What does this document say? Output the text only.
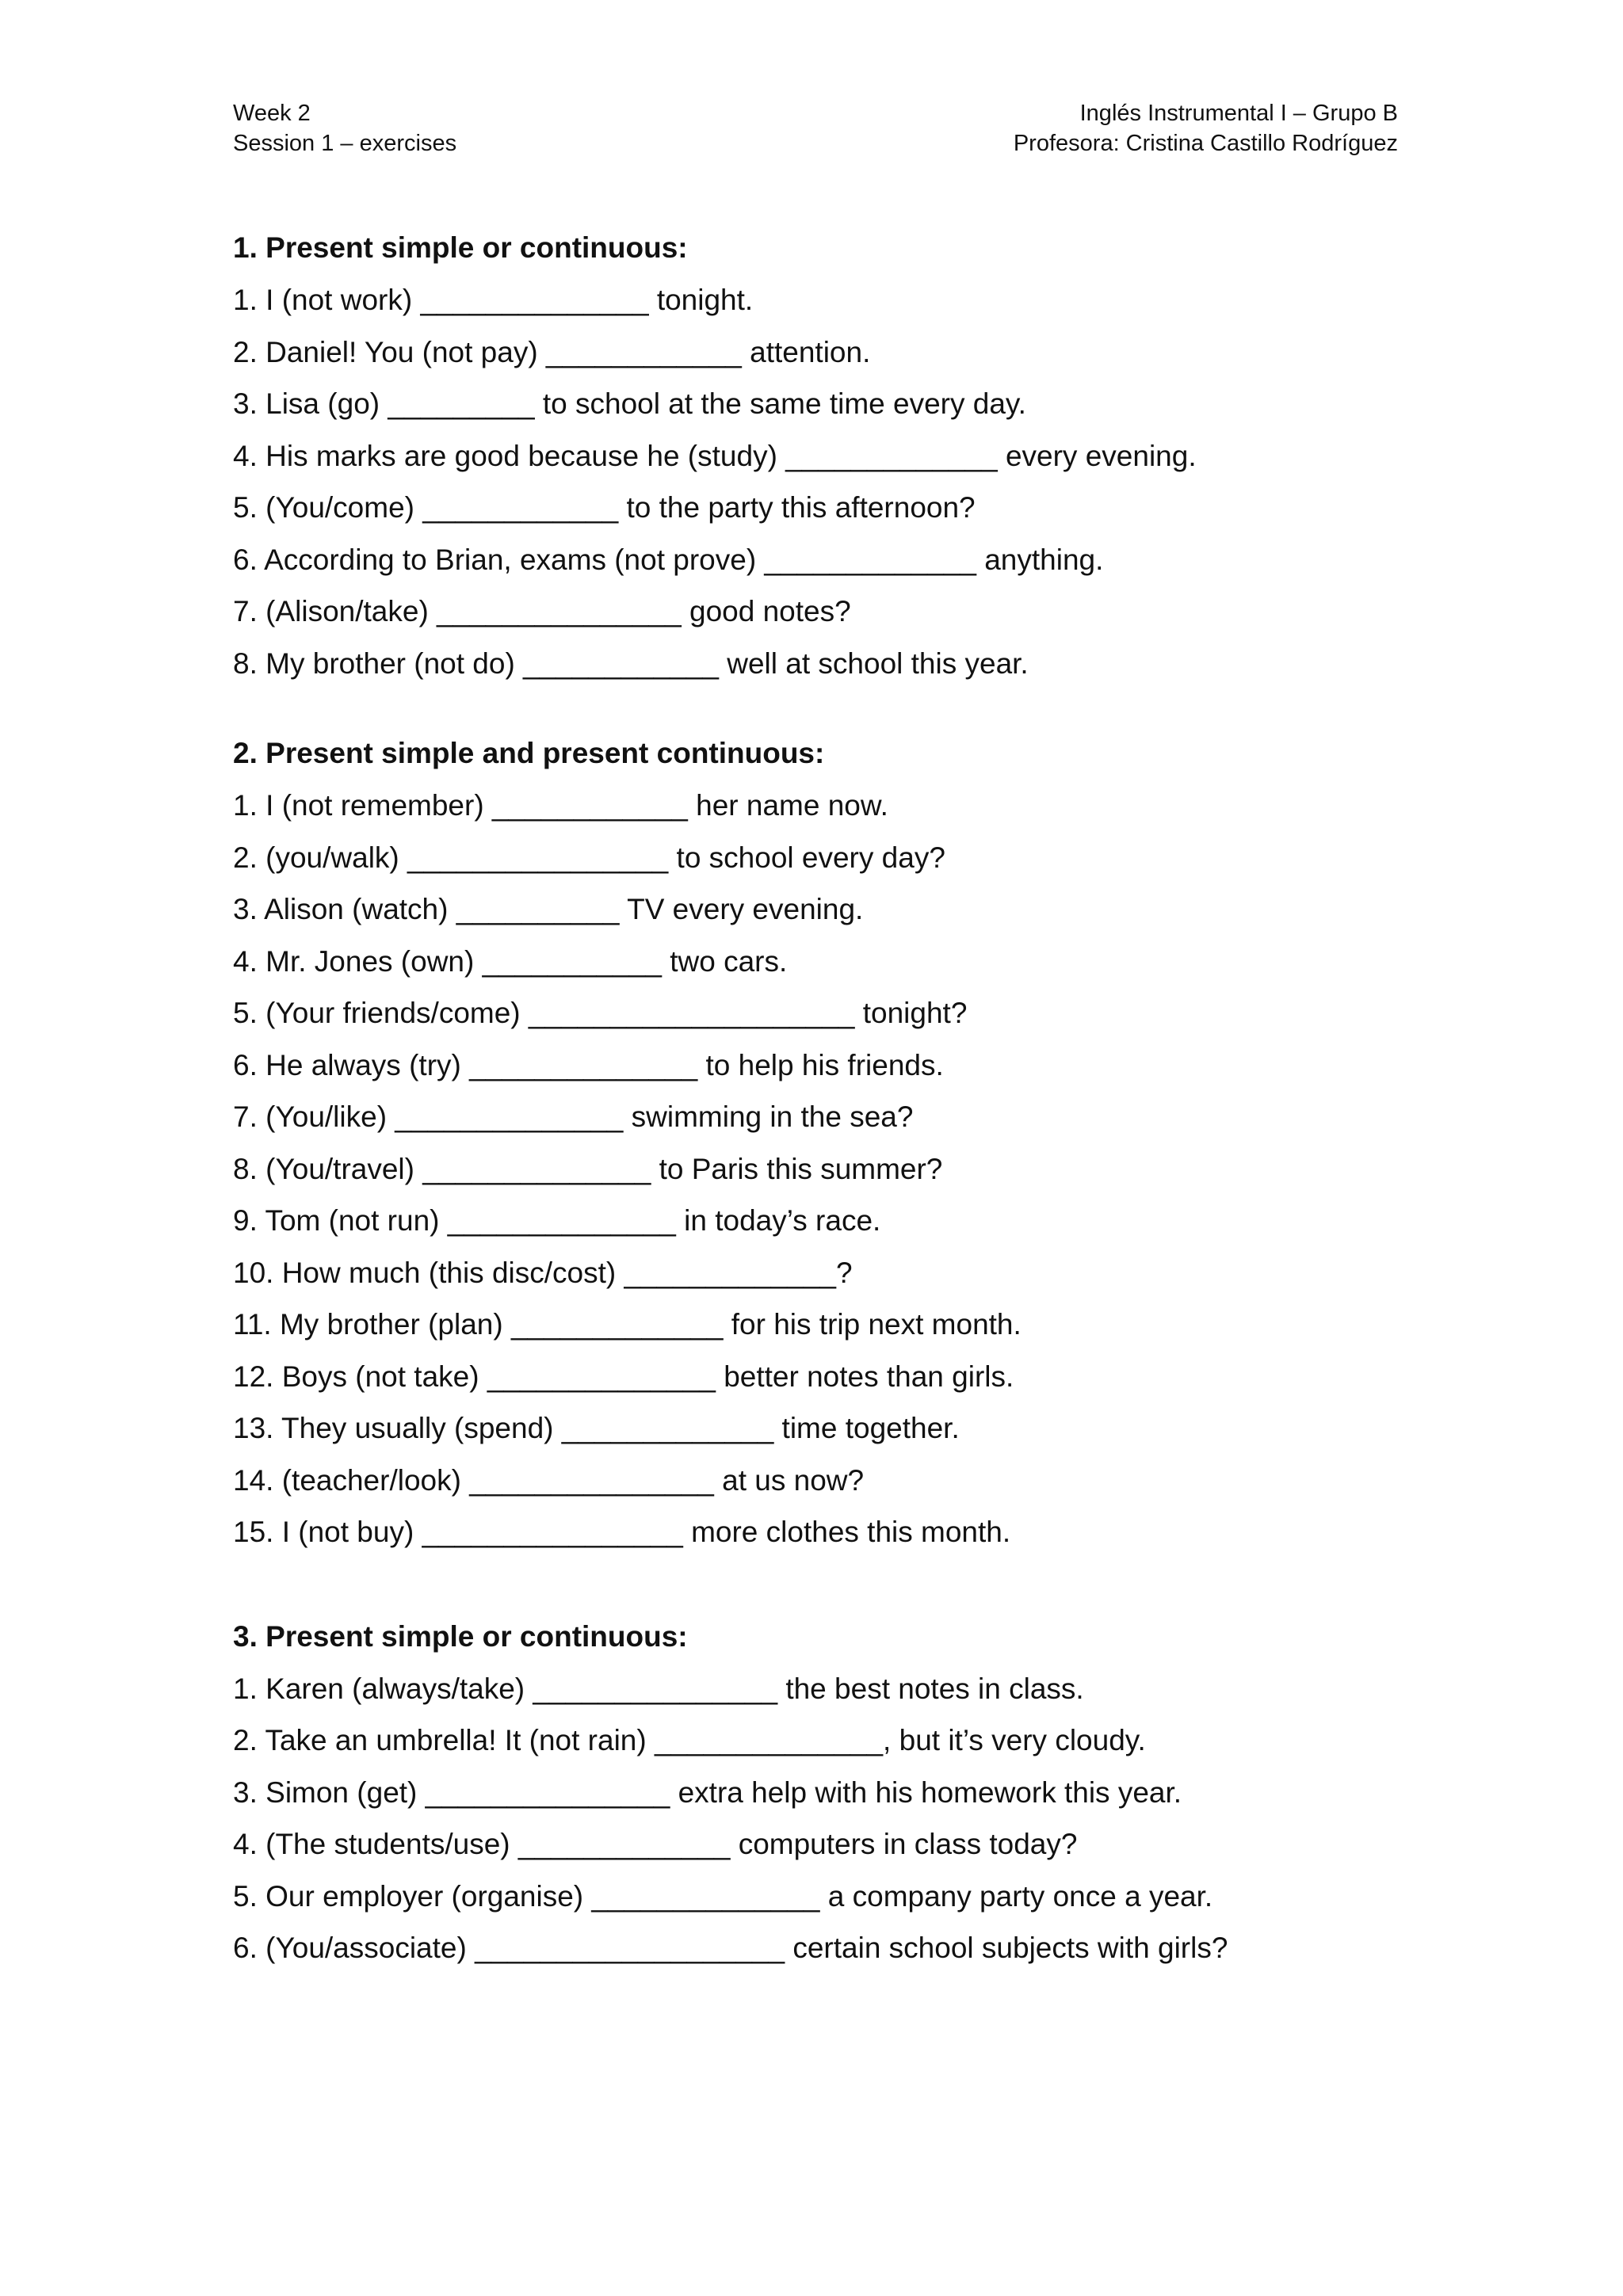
Week 2
Session 1 – exercises
Inglés Instrumental I – Grupo B
Profesora: Cristina Castillo Rodríguez

1. Present simple or continuous:

1. I (not work) ______________ tonight.
2. Daniel! You (not pay) ____________ attention.
3. Lisa (go) _________ to school at the same time every day.
4. His marks are good because he (study) _____________ every evening.
5. (You/come) ____________ to the party this afternoon?
6. According to Brian, exams (not prove) _____________ anything.
7. (Alison/take) _______________ good notes?
8. My brother (not do) ____________ well at school this year.

2. Present simple and present continuous:

1. I (not remember) ____________ her name now.
2. (you/walk) ________________ to school every day?
3. Alison (watch) __________ TV every evening.
4. Mr. Jones (own) ___________ two cars.
5. (Your friends/come) ____________________ tonight?
6. He always (try) ______________ to help his friends.
7. (You/like) ______________ swimming in the sea?
8. (You/travel) ______________ to Paris this summer?
9. Tom (not run) ______________ in today’s race.
10. How much (this disc/cost) _____________?
11. My brother (plan) _____________ for his trip next month.
12. Boys (not take) ______________ better notes than girls.
13. They usually (spend) _____________ time together.
14. (teacher/look) _______________ at us now?
15. I (not buy) ________________ more clothes this month.

3. Present simple or continuous:

1. Karen (always/take) _______________ the best notes in class.
2. Take an umbrella! It (not rain) ______________, but it’s very cloudy.
3. Simon (get) _______________ extra help with his homework this year.
4. (The students/use) _____________ computers in class today?
5. Our employer (organise) ______________ a company party once a year.
6. (You/associate) ___________________ certain school subjects with girls?
